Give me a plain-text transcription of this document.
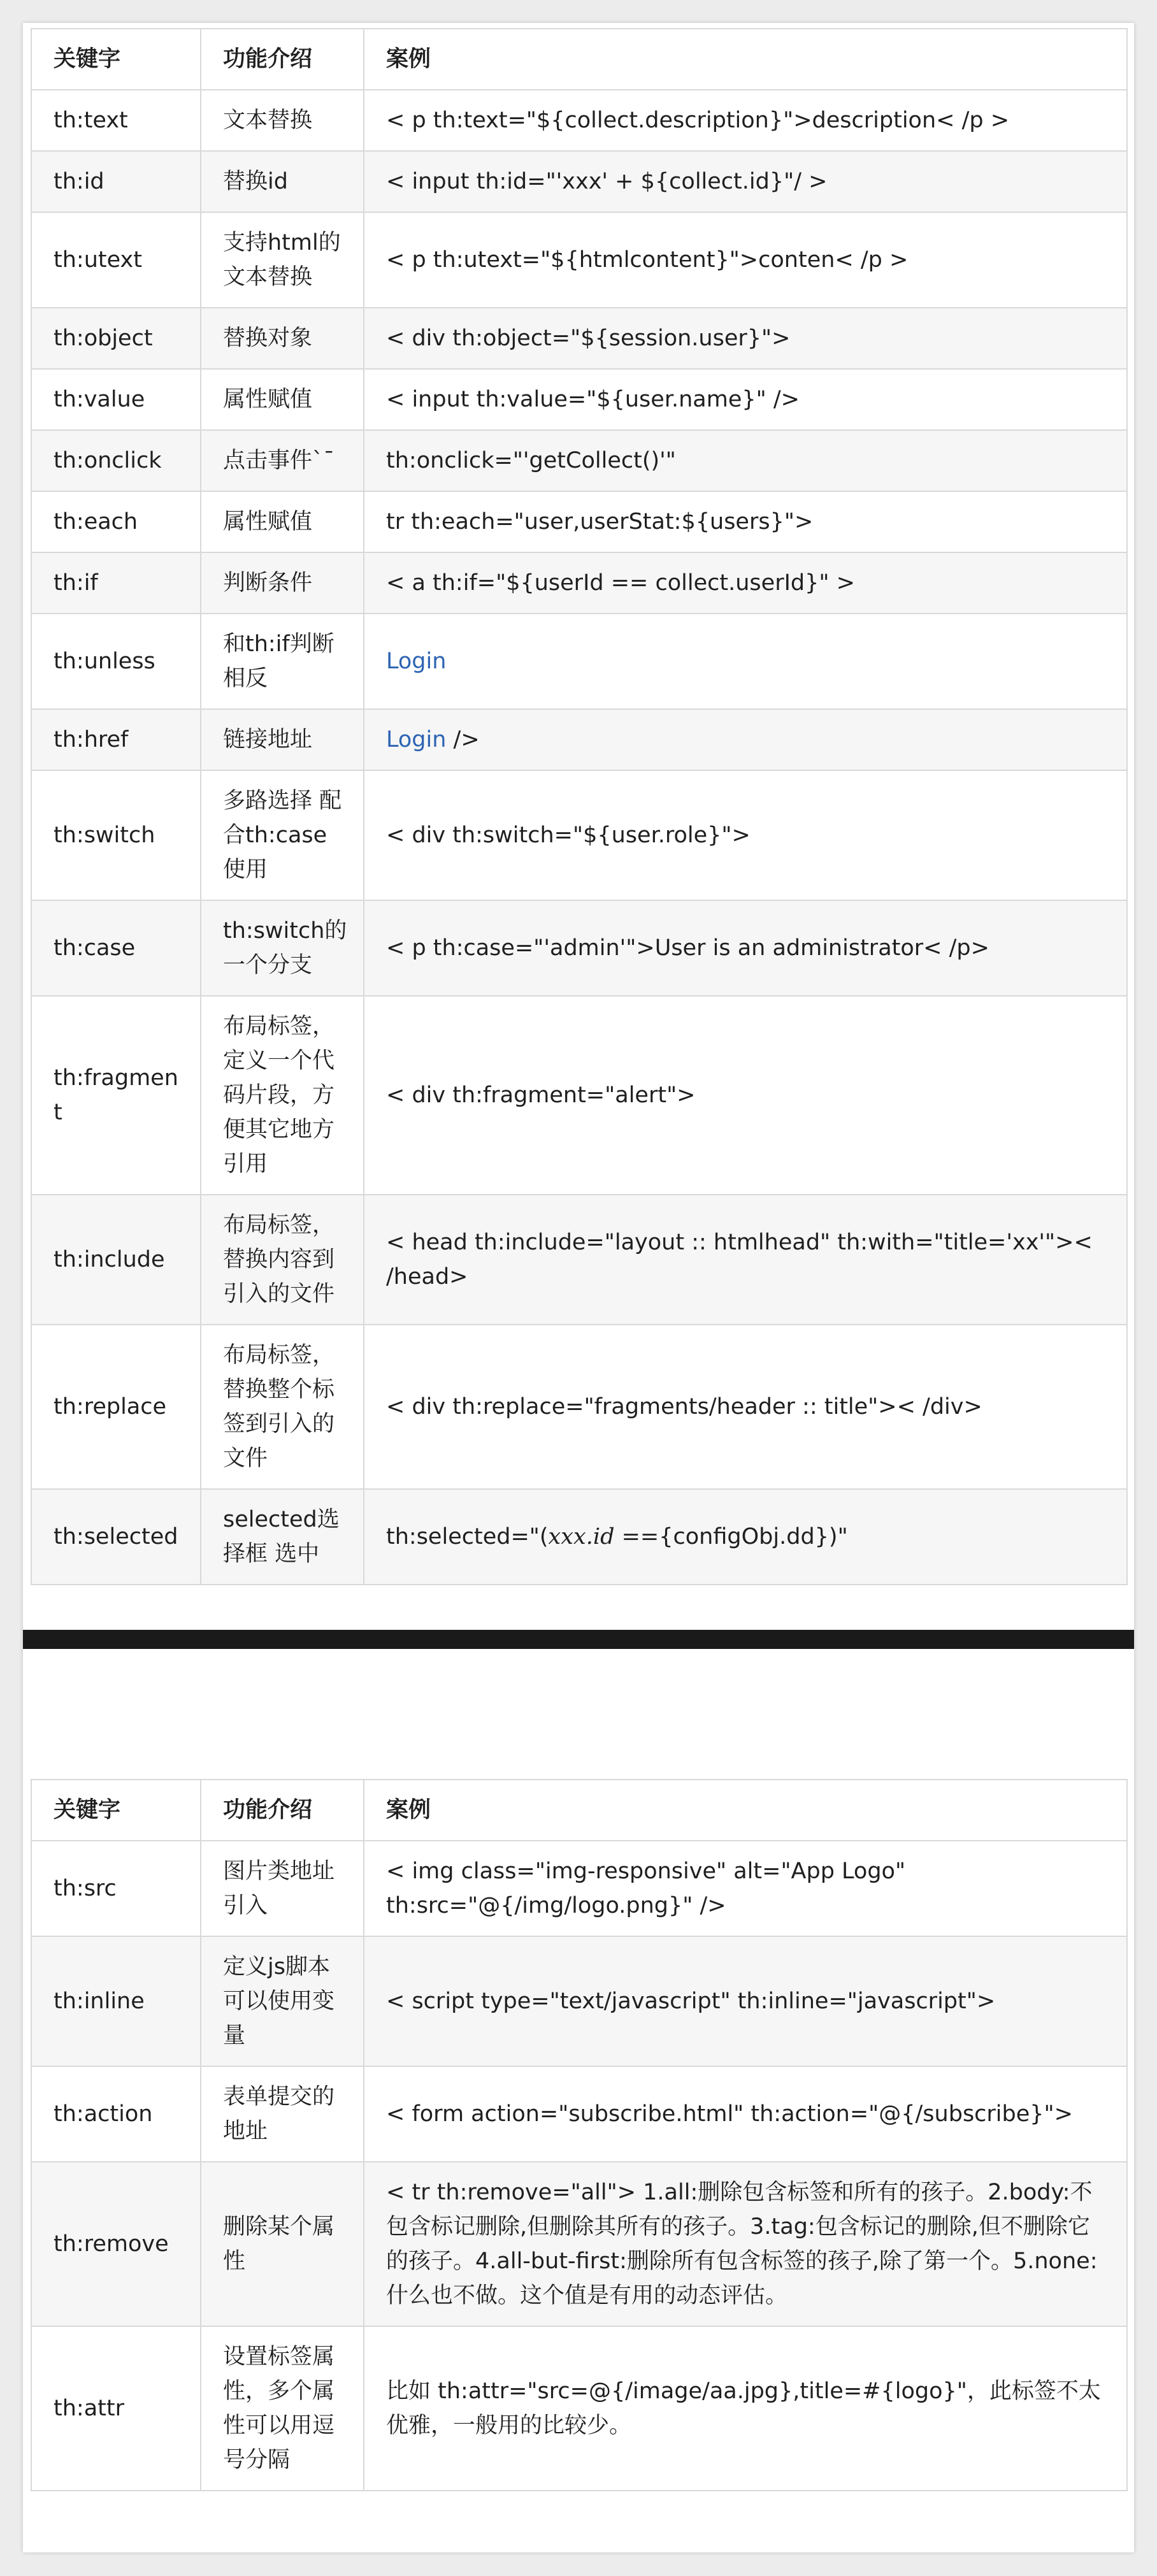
关键字	功能介绍	案例
th:text	文本替换	< p th:text="${collect.description}">description< /p >
th:id	替换id	< input th:id="'xxx' + ${collect.id}"/ >
th:utext	支持html的文本替换	< p th:utext="${htmlcontent}">conten< /p >
th:object	替换对象	< div th:object="${session.user}">
th:value	属性赋值	< input th:value="${user.name}" />
th:onclick	点击事件`¯	th:onclick="'getCollect()'"
th:each	属性赋值	tr th:each="user,userStat:${users}">
th:if	判断条件	< a th:if="${userId == collect.userId}" >
th:unless	和th:if判断相反	Login
th:href	链接地址	Login />
th:switch	多路选择 配合th:case 使用	< div th:switch="${user.role}">
th:case	th:switch的一个分支	< p th:case="'admin'">User is an administrator< /p>
th:fragment	布局标签，定义一个代码片段，方便其它地方引用	< div th:fragment="alert">
th:include	布局标签，替换内容到引入的文件	< head th:include="layout :: htmlhead" th:with="title='xx'">< /head>
th:replace	布局标签，替换整个标签到引入的文件	< div th:replace="fragments/header :: title">< /div>
th:selected	selected选择框 选中	th:selected="(xxx.id =={configObj.dd})"
关键字	功能介绍	案例
th:src	图片类地址引入	< img class="img-responsive" alt="App Logo" th:src="@{/img/logo.png}" />
th:inline	定义js脚本可以使用变量	< script type="text/javascript" th:inline="javascript">
th:action	表单提交的地址	< form action="subscribe.html" th:action="@{/subscribe}">
th:remove	删除某个属性	< tr th:remove="all"> 1.all:删除包含标签和所有的孩子。2.body:不包含标记删除,但删除其所有的孩子。3.tag:包含标记的删除,但不删除它的孩子。4.all-but-first:删除所有包含标签的孩子,除了第一个。5.none:什么也不做。这个值是有用的动态评估。
th:attr	设置标签属性，多个属性可以用逗号分隔	比如 th:attr="src=@{/image/aa.jpg},title=#{logo}"，此标签不太优雅，一般用的比较少。
